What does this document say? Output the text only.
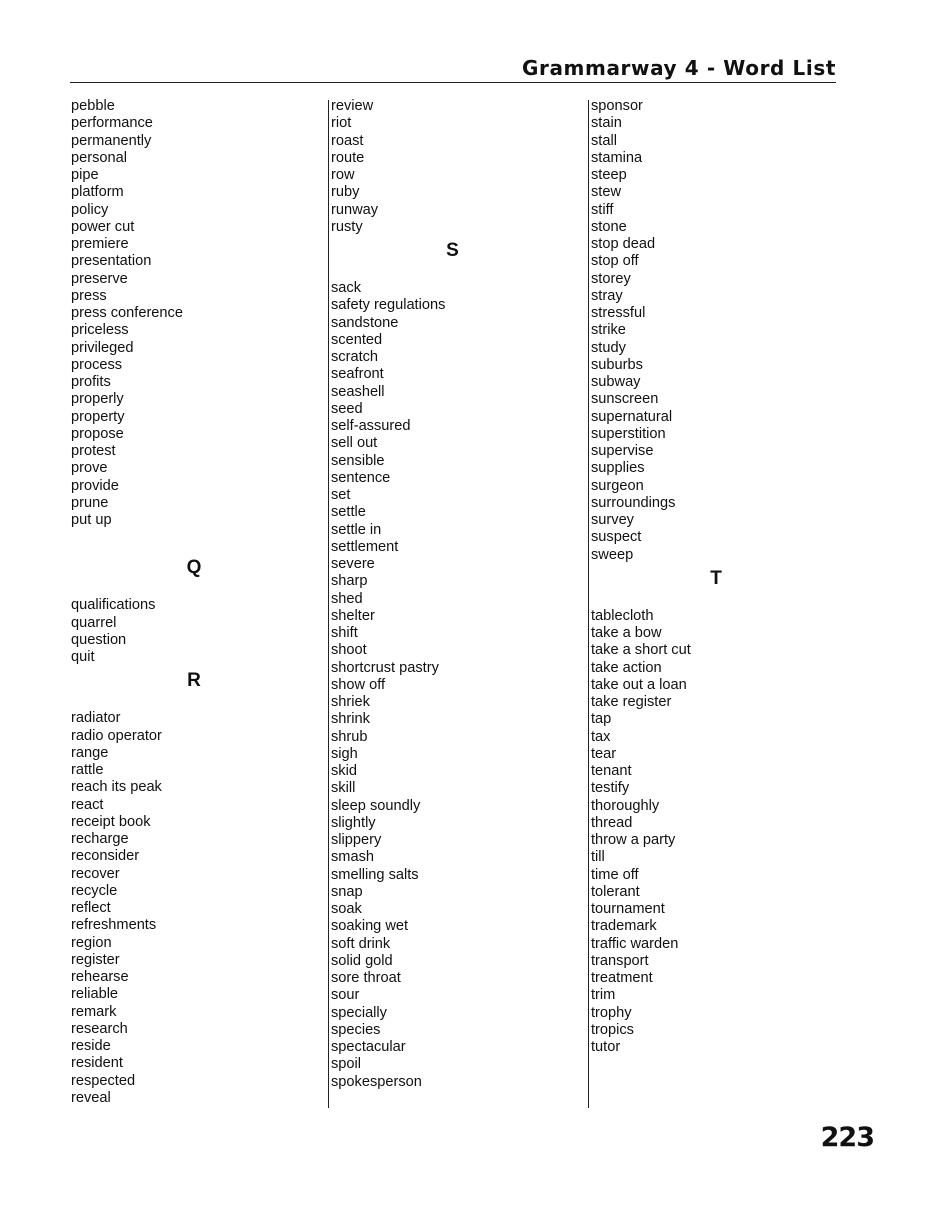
Grammarway 4 - Word List
pebble
performance
permanently
personal
pipe
platform
policy
power cut
premiere
presentation
preserve
press
press conference
priceless
privileged
process
profits
properly
property
propose
protest
prove
provide
prune
put up
Q
qualifications
quarrel
question
quit
R
radiator
radio operator
range
rattle
reach its peak
react
receipt book
recharge
reconsider
recover
recycle
reflect
refreshments
region
register
rehearse
reliable
remark
research
reside
resident
respected
reveal
review
riot
roast
route
row
ruby
runway
rusty
S
sack
safety regulations
sandstone
scented
scratch
seafront
seashell
seed
self-assured
sell out
sensible
sentence
set
settle
settle in
settlement
severe
sharp
shed
shelter
shift
shoot
shortcrust pastry
show off
shriek
shrink
shrub
sigh
skid
skill
sleep soundly
slightly
slippery
smash
smelling salts
snap
soak
soaking wet
soft drink
solid gold
sore throat
sour
specially
species
spectacular
spoil
spokesperson
sponsor
stain
stall
stamina
steep
stew
stiff
stone
stop dead
stop off
storey
stray
stressful
strike
study
suburbs
subway
sunscreen
supernatural
superstition
supervise
supplies
surgeon
surroundings
survey
suspect
sweep
T
tablecloth
take a bow
take a short cut
take action
take out a loan
take register
tap
tax
tear
tenant
testify
thoroughly
thread
throw a party
till
time off
tolerant
tournament
trademark
traffic warden
transport
treatment
trim
trophy
tropics
tutor
223
